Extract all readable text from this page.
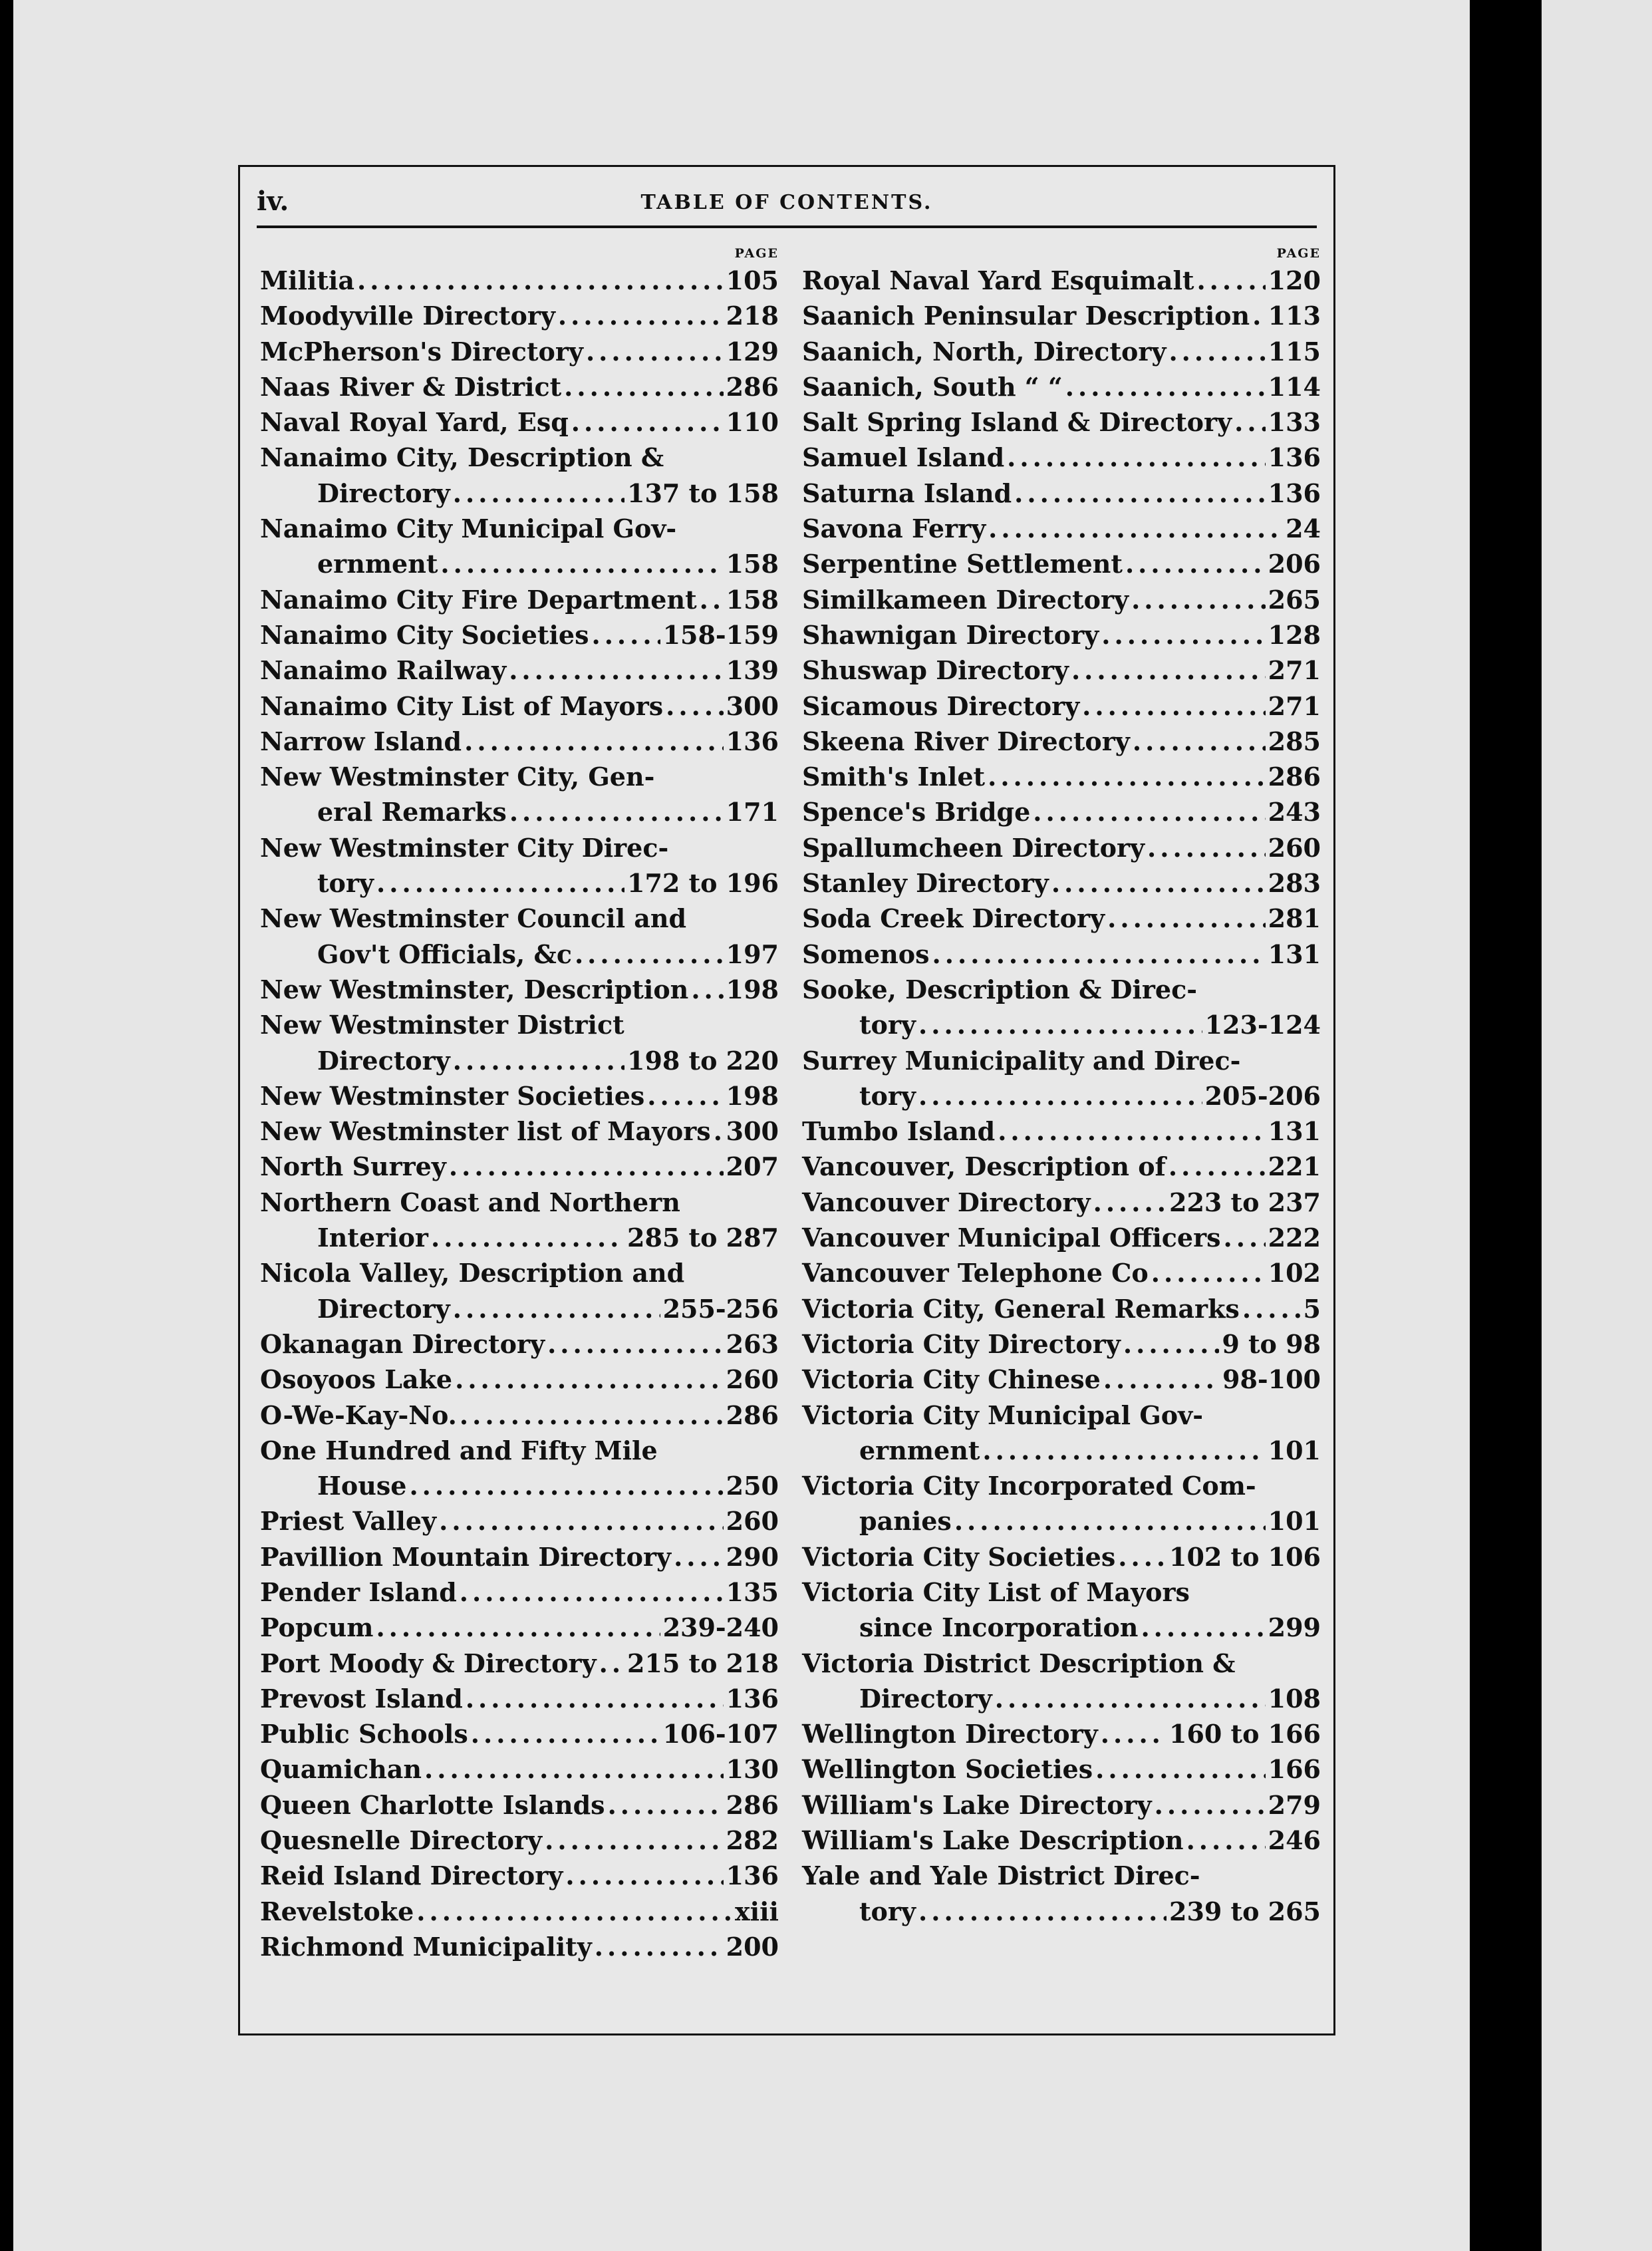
iv.	TABLE OF CONTENTS.
PAGE
Militia .....	105
Moodyville Directory .....	218
McPherson's Directory .....	129
Naas River & District .....	286
Naval Royal Yard, Esq .....	110
Nanaimo City, Description &
Directory .....	137 to 158
Nanaimo City Municipal Gov-
ernment .....	158
Nanaimo City Fire Department ..... 158
Nanaimo City Societies .....	158-159
Nanaimo Railway .....	139
Nanaimo City List of Mayors ..... 300
Narrow Island .....	136
New Westminster City, Gen-
eral Remarks .....	171
New Westminster City Direc-
tory .....	172 to 196
New Westminster Council and
Gov't Officials, &c .....	197
New Westminster, Description ..... 198
New Westminster District
Directory .....	198 to 220
New Westminster Societies .....	198
New Westminster list of Mayors ..... 300
North Surrey .....	207
Northern Coast and Northern
Interior .....	285 to 287
Nicola Valley, Description and
Directory .....	255-256
Okanagan Directory .....	263
Osoyoos Lake .....	260
O-We-Kay-No. .....	286
One Hundred and Fifty Mile
House .....	250
Priest Valley .....	260
Pavillion Mountain Directory ..... 290
Pender Island .....	135
Popcum .....	239-240
Port Moody & Directory ..... 215 to 218
Prevost Island .....	136
Public Schools .....	106-107
Quamichan .....	130
Queen Charlotte Islands .....	286
Quesnelle Directory .....	282
Reid Island Directory .....	136
Revelstoke .....	xiii
Richmond Municipality .....	200
PAGE
Royal Naval Yard Esquimalt .....	120
Saanich Peninsular Description ..... 113
Saanich, North, Directory .....	115
Saanich, South “ “ .....	114
Salt Spring Island & Directory ..... 133
Samuel Island .....	136
Saturna Island .....	136
Savona Ferry .....	24
Serpentine Settlement .....	206
Similkameen Directory .....	265
Shawnigan Directory .....	128
Shuswap Directory .....	271
Sicamous Directory .....	271
Skeena River Directory .....	285
Smith's Inlet .....	286
Spence's Bridge .....	243
Spallumcheen Directory .....	260
Stanley Directory .....	283
Soda Creek Directory .....	281
Somenos .....	131
Sooke, Description & Direc-
tory .....	123-124
Surrey Municipality and Direc-
tory .....	205-206
Tumbo Island .....	131
Vancouver, Description of .....	221
Vancouver Directory .....	223 to 237
Vancouver Municipal Officers ..... 222
Vancouver Telephone Co .....	102
Victoria City, General Remarks .....	5
Victoria City Directory .....	9 to 98
Victoria City Chinese .....	98-100
Victoria City Municipal Gov-
ernment .....	101
Victoria City Incorporated Com-
panies .....	101
Victoria City Societies ..... 102 to 106
Victoria City List of Mayors
since Incorporation .....	299
Victoria District Description &
Directory .....	108
Wellington Directory .....	160 to 166
Wellington Societies .....	166
William's Lake Directory .....	279
William's Lake Description .....	246
Yale and Yale District Direc-
tory .....	239 to 265
